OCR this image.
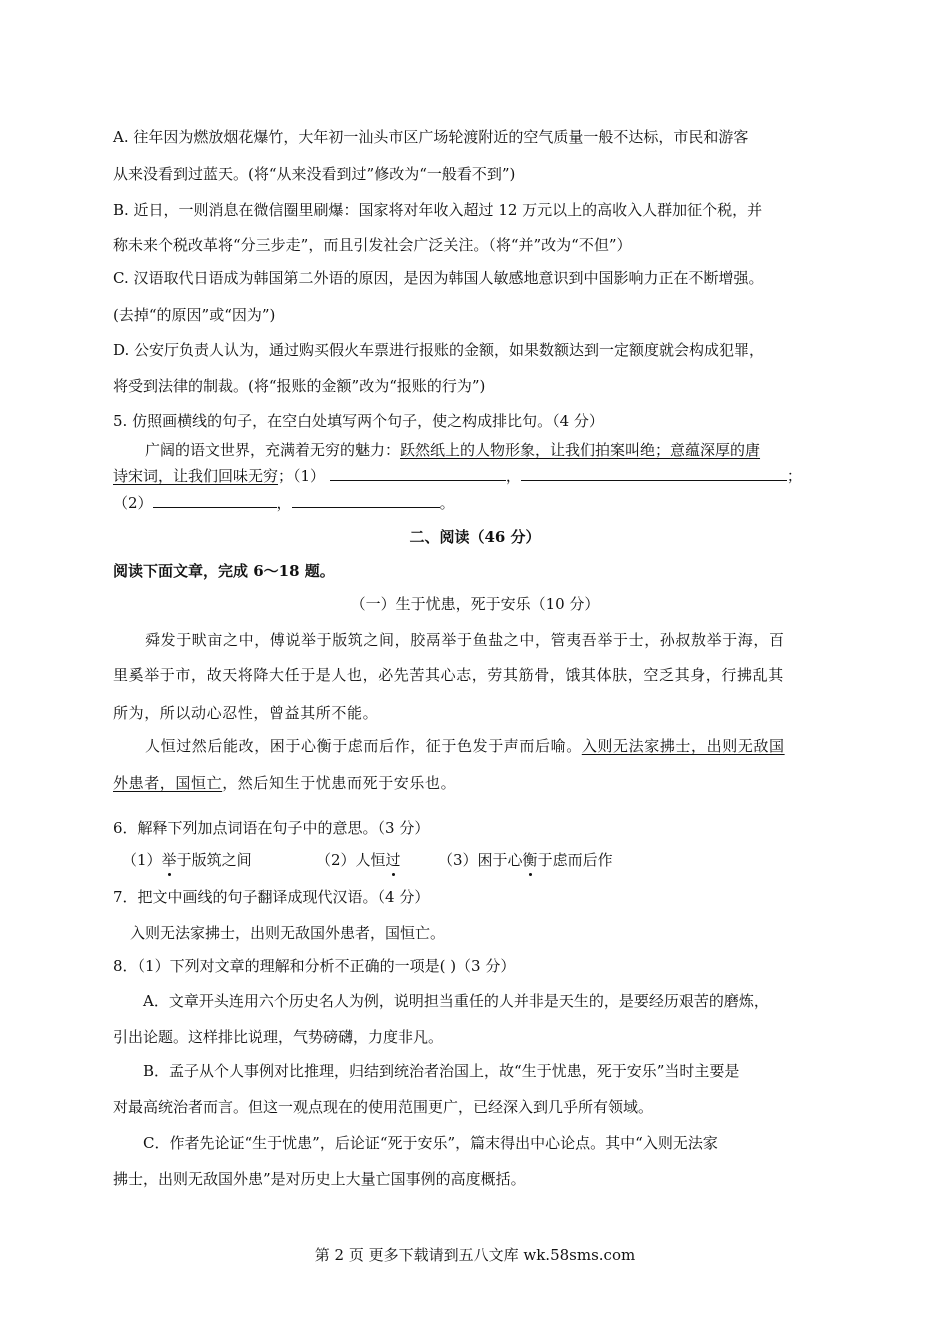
A. 往年因为燃放烟花爆竹，大年初一汕头市区广场轮渡附近的空气质量一般不达标，市民和游客
从来没看到过蓝天。(将“从来没看到过”修改为“一般看不到”)
B. 近日，一则消息在微信圈里刷爆：国家将对年收入超过 12 万元以上的高收入人群加征个税，并
称未来个税改革将“分三步走”，而且引发社会广泛关注。（将“并”改为“不但”）
C. 汉语取代日语成为韩国第二外语的原因，是因为韩国人敏感地意识到中国影响力正在不断增强。
(去掉“的原因”或“因为”)
D. 公安厅负责人认为，通过购买假火车票进行报账的金额，如果数额达到一定额度就会构成犯罪，
将受到法律的制裁。(将“报账的金额”改为“报账的行为”)
5. 仿照画横线的句子，在空白处填写两个句子，使之构成排比句。（4 分）
广阔的语文世界，充满着无穷的魅力：跃然纸上的人物形象，让我们拍案叫绝；意蕴深厚的唐
诗宋词，让我们回味无穷；（1）	，	；
（2）	，	。
二、阅读（46 分）
阅读下面文章，完成 6～18 题。
（一）生于忧患，死于安乐（10 分）
舜发于畎亩之中，傅说举于版筑之间，胶鬲举于鱼盐之中，管夷吾举于士，孙叔敖举于海，百
里奚举于市，故天将降大任于是人也，必先苦其心志，劳其筋骨，饿其体肤，空乏其身，行拂乱其
所为，所以动心忍性，曾益其所不能。
人恒过然后能改，困于心衡于虑而后作，征于色发于声而后喻。入则无法家拂士，出则无敌国
外患者，国恒亡，然后知生于忧患而死于安乐也。
6．解释下列加点词语在句子中的意思。（3 分）
（1）举于版筑之间	（2）人恒过 （3）困于心衡于虑而后作
7．把文中画线的句子翻译成现代汉语。（4 分）
入则无法家拂士，出则无敌国外患者，国恒亡。
8．（1）下列对文章的理解和分析不正确的一项是( )（3 分）
A．文章开头连用六个历史名人为例，说明担当重任的人并非是天生的，是要经历艰苦的磨炼，
引出论题。这样排比说理，气势磅礴，力度非凡。
B．孟子从个人事例对比推理，归结到统治者治国上，故“生于忧患，死于安乐”当时主要是
对最高统治者而言。但这一观点现在的使用范围更广，已经深入到几乎所有领域。
C．作者先论证“生于忧患”，后论证“死于安乐”，篇末得出中心论点。其中“入则无法家
拂士，出则无敌国外患”是对历史上大量亡国事例的高度概括。
第 2 页 更多下载请到五八文库 wk.58sms.com
